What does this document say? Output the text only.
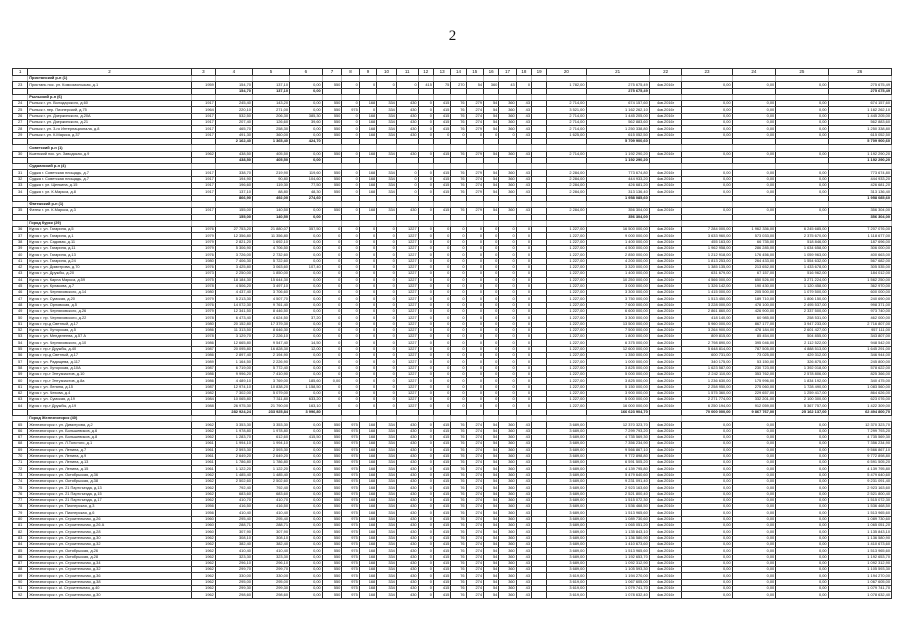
2
1	2	3	4	5	6	7	8	9	10	11	12	13	14	15	16	17	18	19	20	21	22	23	24	25	26
	Пристанский р-н (1)																								
23	Пристань пос. ул. Комсомольская, д.1	1959	154,70	137,10	0,00	550	0	0	0	0	415	75	270	54	360	43	0		1 782,00	275 675,49	4кв.2016г	0,00	0,00	0,00	275 675,49
			154,70	137,10	0,00															275 675,49					275 675,49
	Рыльский р-н (6)																								
24	Рыльск г. ул. Володарского, д.60	1917	245,40	143,20	0,00	550	0	168	334	430	0	415	76	279	54	360	43		2 714,00	674 157,60	4кв.2016г	0,00	0,00	0,00	674 157,60
25	Рыльск г. пер. Пионерский, д.75	1964	220,10	271,00	0,00	550	975	0	334	430	0	415	76	274	54	360	43		3 521,00	1 162 262,10	4кв.2016г	0,00	0,00	0,00	1 162 262,10
26	Рыльск г. ул. Дзержинского, д.20А	1917	532,50	206,30	385,30	550	0	168	334	430	0	415	76	274	54	360	43		2 714,00	1 445 205,00	4кв.2016г	0,00	0,00	0,00	1 445 205,00
27	Рыльск г. ул. Дзержинского, д.21	1917	207,40	126,60	39,60	550	0	168	334	430	0	415	76	274	54	360	43		2 714,00	562 883,60	4кв.2016г	0,00	0,00	0,00	562 883,60
28	Рыльск г. ул. 3-го Интернационала, д.8	1917	465,70	258,30	0,00	550	0	168	334	430	0	415	76	279	54	360	43		2 714,00	1 250 338,80	4кв.2016г	0,00	0,00	0,00	1 250 338,80
29	Рыльск г. ул. К.Маркса, д.37	1917	491,30	360,00	0,00	550	0	168	334	430	0	0	0	0	0	0	43		1 625,00	615 052,50	4кв.2016г	0,00	0,00	0,00	615 052,50
			2 162,40	1 365,40	424,70															5 709 900,60					5 709 900,60
	Советский р-н (1)																								
30	Кшенский пос. ул. Заводская, д.9	1962	438,50	405,50	0,00	550	0	168	334	430	0	415	76	279	54	360	43		2 714,00	1 192 290,20	4кв.2016г	0,00	0,00	0,00	1 192 290,20
			438,50	405,50	0,00															1 192 290,20					1 192 290,20
	Суджанский р-н (4)																								
31	Суджа г. Советская площадь, д.7	1917	338,70	219,90	119,60	550	0	168	334	0	0	415	76	279	54	360	43		2 284,00	773 674,80	4кв.2016г	0,00	0,00	0,00	773 674,80
32	Суджа г. Советская площадь, д.7	1917	194,90	90,80	104,60	550	0	168	334	0	0	415	76	274	54	360	43		2 284,00	444 933,20	4кв.2016г	0,00	0,00	0,00	444 933,20
33	Суджа г. ул. Щепкина, д.15	1917	196,60	119,30	77,50	550	0	168	334	0	0	415	76	274	54	360	43		2 284,00	426 681,20	4кв.2016г	0,00	0,00	0,00	426 681,20
34	Суджа г. ул. К.Маркса, д.8	1917	137,10	88,80	48,30	550	0	168	334	0	0	415	76	279	54	360	43		2 284,00	313 136,40	4кв.2016г	0,00	0,00	0,00	313 136,40
			866,90	492,00	274,60															1 958 085,60					1 958 085,60
	Фатежский р-н (1)																								
35	Фатеж г. ул. К.Маркса, д.3	1917	155,00	140,50	0,00	550	0	168	334	430	0	415	76	279	54	360	43		2 284,00	356 304,00	4кв.2016г	0,00	0,00	0,00	356 304,00
			155,00	140,50	0,00															356 304,00					356 304,00
	Город Курск (29)																								
36	Курск г. ул. Гагарина, д.5	1976	27 753,20	21 880,07	357,50	0	0	0	0	1227	0	0	0	0	0	0	0		1 227,00	16 500 000,00	4кв.2016г	7 284 000,00	1 962 336,00	6 245 685,00	7 207 076,00
37	Курск г. ул. Гагарина, д.1	1979	12 356,80	11 356,80	0,00	0	0	0	0	1227	0	0	0	0	0	0	0		1 227,00	9 000 000,00	4кв.2016г	3 633 960,00	573 033,00	2 375 670,00	1 118 677,00
38	Курск г. ул. Садовая, д.11	1979	2 821,20	1 692,10	0,00	0	0	0	0	1227	0	0	0	0	0	0	0		1 227,00	1 400 000,00	4кв.2016г	455 163,00	66 735,00	518 846,00	187 696,00
39	Курск г. ул. Гагарина, д.11	1979	5 306,90	4 706,50	0,00	0	0	0	0	1227	0	0	0	0	0	0	0		1 227,00	4 500 000,00	4кв.2016г	1 962 958,00	286 285,00	1 634 658,00	306 000,00
40	Курск г. ул. Гагарина, д.13	1976	3 726,00	2 732,60	0,00	0	0	0	0	1227	0	0	0	0	0	0	0		1 227,00	2 850 000,00	4кв.2016г	1 212 918,00	176 456,00	1 059 963,00	400 663,00
41	Курск г. ул. Гагарина, д.24	1980	7 406,30	5 722,60	0,00	0	0	0	0	1227	0	0	0	0	0	0	0		1 227,00	4 200 000,00	4кв.2016г	1 813 253,00	264 433,00	1 554 632,00	567 682,00
42	Курск г. ул. Димитрова, д.70	1976	3 425,80	3 063,60	107,40	0	0	0	0	1227	0	0	0	0	0	0	0		1 227,00	3 320 000,00	4кв.2016г	1 385 135,00	213 652,00	1 433 678,00	305 535,00
43	Курск г. ул. Дружбы, д.20	1973	2 250,00	1 850,00	0,00	0	0	0	0	1227	0	0	0	0	0	0	0		1 227,00	1 400 000,00	4кв.2016г	631 679,00	67 157,00	516 962,00	184 012,00
44	Курск г. ул. Карла Маркса, д.59	1975	18 184,30	15 644,30	0,00	0	0	0	0	1227	0	0	0	0	0	0	0		1 227,00	10 250 000,00	4кв.2016г	4 566 000,00	650 526,00	3 271 224,00	1 562 250,00
45	Курск г. ул. Кулакова, д.7	1978	4 506,20	3 497,10	0,00	0	0	0	0	1227	0	0	0	0	0	0	0		1 227,00	3 000 000,00	4кв.2016г	1 326 142,00	190 430,00	1 120 458,00	362 970,00
46	Курск г. ул. Черняховского, д.14	1980	4 437,40	3 706,60	0,00	0	0	0	0	1227	0	0	0	0	0	0	0		1 227,00	3 300 000,00	4кв.2016г	1 415 000,00	205 500,00	1 079 500,00	600 000,00
47	Курск г. ул. Сумская, д.20	1979	5 213,30	4 507,70	0,00	0	0	0	0	1227	0	0	0	0	0	0	0		1 227,00	3 750 000,00	4кв.2016г	1 513 450,00	189 710,00	1 806 150,00	240 690,00
48	Курск г. ул. Орловская, д.5	1976	14 072,30	9 761,40	0,00	0	0	0	0	1227	0	0	0	0	0	0	0		1 227,00	7 600 000,00	4кв.2016г	3 228 000,00	478 100,00	2 495 537,00	998 371,00
49	Курск г. ул. Черняховского, д.26	1979	12 341,50	8 446,50	0,00	0	0	0	0	1227	0	0	0	0	0	0	0		1 227,00	6 600 000,00	4кв.2016г	2 861 860,00	426 900,00	2 337 500,00	973 740,00
50	Курск г. пр. Черняховского, д.22	1978	6 473,40	4 624,50	37,20	0	0	0	0	1227	0	0	0	0	0	0	0		1 227,00	3 300 000,00	4кв.2016г	418 140,00	60 985,00	258 531,00	462 000,00
51	Курск г. пр-д Светлый, д.17	1980	20 152,80	17 379,30	0,00	0	0	0	0	1227	0	0	0	0	0	0	0		1 227,00	13 500 000,00	4кв.2016г	5 960 000,00	867 177,00	3 947 233,00	2 716 807,00
52	Курск г. ул. Хуторская, д.5	1986	11 313,50	8 646,30	0,00	0	0	0	0	1227	0	0	0	0	0	0	0		1 227,00	7 500 000,00	4кв.2016г	3 264 900,00	478 184,00	2 601 427,00	957 111,00
53	Курск г. ул. Менделеева, д.57 А	1978	3 129,70	2 226,10	0,00	0	0	0	0	1227	0	0	0	0	0	0	0		1 227,00	1 800 000,00	4кв.2016г	809 815,00	85 454,00	504 855,00	343 807,00
54	Курск г. ул. Черняховского, д.10	1986	12 665,80	9 547,40	14,50	0	0	0	0	1227	0	0	0	0	0	0	0		1 227,00	6 375 000,00	4кв.2016г	2 798 890,00	395 046,00	2 112 522,00	948 542,00
55	Курск г. пр-т Дружбы, д.40	1987	20 095,80	16 828,30	12,00	0	0	0	0	1227	0	0	0	0	0	0	0		1 227,00	12 600 000,00	4кв.2016г	5 648 814,00	787 505,00	4 888 513,00	1 645 291,00
56	Курск г. пр-д Светлый, д.17	1986	2 897,40	2 194,90	0,00	0	0	0	0	1227	0	0	0	0	0	0	0		1 227,00	1 350 000,00	4кв.2016г	600 731,00	73 025,00	429 312,00	346 944,00
57	Курск г. ул. Радищева, д.117	1989	1 164,50	2 226,90	0,00	0	0	0	0	1227	0	0	0	0	0	0	0		1 227,00	1 000 000,00	4кв.2016г	340 175,00	53 150,00	326 875,00	245 800,00
58	Курск г. ул. Хуторская, д.10А	1987	6 719,00	5 772,40	0,00	0	0	0	0	1227	0	0	0	0	0	0	0		1 227,00	3 825 000,00	4кв.2016г	1 623 587,00	230 723,00	1 392 018,00	578 622,00
59	Курск г. пр-т Энтузиастов, д.10	1986	9 996,20	7 410,90	0,00	0	0	0	0	1227	0	0	0	0	0	0	0		1 227,00	5 000 000,00	4кв.2016г	2 242 110,00	353 762,00	2 578 806,00	825 366,00
60	Курск г. пр-т Энтузиастов, д.8а	1986	4 489,10	3 769,00	185,60	0,00	0	0	0	1227	0	0	0	0	0	0	0		1 227,00	3 825 000,00	4кв.2016г	1 236 630,00	175 996,00	1 834 192,00	340 475,00
61	Курск г. ул. Ленина, д.15	1987	12 974,10	10 838,20	1 158,50	0	0	0	0	1227	0	0	0	0	0	0	0		1 227,00	5 150 000,00	4кв.2016г	2 258 950,00	275 060,00	1 728 490,00	1 083 560,00
62	Курск г. ул. Чехова, д.4	1982	7 302,00	5 079,00	0,00	0	0	0	0	1227	0	0	0	0	0	0	0		1 227,00	3 900 000,00	4кв.2016г	1 575 360,00	229 657,00	1 259 417,00	864 626,00
63	Курск г. ул. Сумская, д.19	1984	10 065,80	7 311,80	633,20	0	0	0	0	1227	0	0	0	0	0	0	0		1 227,00	5 000 000,00	4кв.2016г	2 271 774,00	332 201,00	2 100 300,00	623 076,00
64	Курск г. пр-т Дружбы, д.19	1988	26 975,30	21 790,00	163,10	0	0	0	0	1227	0	0	0	0	0	0	0		1 227,00	16 000 000,00	4кв.2016г	6 250 194,00	912 059,00	5 367 757,00	1 422 309,00
			282 924,24	233 925,84	3 996,80															166 623 904,70		70 000 000,00	9 867 767,00	25 162 137,00	62 494 800,70
	Город Железногорск (40)																								
65	Железногорск г. ул. Димитрова, д.2	1962	3 353,30	3 353,30	0,00	550	975	168	334	430	0	415	76	274	54	360	43		3 689,00	12 370 323,70	4кв.2016г	0,00	0,00	0,00	12 370 323,70
66	Железногорск г. ул. Большевиков, д.6	1962	1 978,80	1 978,80	0,00	550	975	168	334	430	0	415	76	274	54	360	43		3 689,00	7 299 793,20	4кв.2016г	0,00	0,00	0,00	7 299 793,20
67	Железногорск г. ул. Большевиков, д.8	1962	1 283,70	612,60	415,50	550	975	168	334	430	0	415	76	274	54	360	43		3 689,00	4 735 569,30	4кв.2016г	0,00	0,00	0,00	4 735 569,30
68	Железногорск г. ул. Л.Толстого, д.1	1961	1 994,10	1 994,10	0,00	550	975	168	334	430	0	415	76	274	54	360	43		3 689,00	7 356 234,90	4кв.2016г	0,00	0,00	0,00	7 356 234,90
69	Железногорск г. ул. Ленина, д.7	1961	2 593,30	2 593,30	0,00	550	975	168	334	430	0	415	76	274	54	360	43		3 689,00	9 566 867,10	4кв.2016г	0,00	0,00	0,00	9 566 867,10
70	Железногорск г. ул. Ленина, д.9	1961	2 649,20	2 649,20	0,00	550	975	168	334	430	0	415	76	274	54	360	43		3 689,00	9 772 898,80	4кв.2016г	0,00	0,00	0,00	9 772 898,80
71	Железногорск г. ул. Ленина, д.13	1961	1 786,80	1 786,80	0,00	550	975	168	334	430	0	415	76	274	54	360	43		3 689,00	6 591 505,20	4кв.2016г	0,00	0,00	0,00	6 591 505,20
72	Железногорск г. ул. Ленина, д.15	1961	1 122,20	1 122,20	0,00	550	975	168	334	430	0	415	76	274	54	360	43		3 689,00	4 139 795,80	4кв.2016г	0,00	0,00	0,00	4 139 795,80
73	Железногорск г. ул. Октябрьская, д.36	1962	1 485,40	1 485,40	0,00	550	975	168	334	430	0	415	76	274	54	360	43		3 689,00	5 479 640,60	4кв.2016г	0,00	0,00	0,00	5 479 640,60
74	Железногорск г. ул. Октябрьская, д.38	1962	2 502,60	2 502,60	0,00	550	975	168	334	430	0	415	76	274	54	360	43		3 689,00	9 231 091,40	4кв.2016г	0,00	0,00	0,00	9 231 091,40
75	Железногорск г. ул. 21 Партсъезда, д.13	1962	792,40	792,40	0,00	550	975	168	334	430	0	415	76	274	54	360	43		3 689,00	2 923 163,60	4кв.2016г	0,00	0,00	0,00	2 923 163,60
76	Железногорск г. ул. 21 Партсъезда, д.15	1962	683,60	683,60	0,00	550	975	168	334	430	0	415	76	274	54	360	43		3 689,00	2 521 800,40	4кв.2016г	0,00	0,00	0,00	2 521 800,40
77	Железногорск г. ул. 21 Партсъезда, д.17	1962	410,70	410,70	0,00	550	975	168	334	430	0	415	76	274	54	360	43		3 689,00	1 515 072,30	4кв.2016г	0,00	0,00	0,00	1 515 072,30
78	Железногорск г. ул. Пионерская, д.3	1956	416,50	416,50	0,00	550	975	168	334	430	0	415	76	274	54	360	43		3 689,00	1 536 468,50	4кв.2016г	0,00	0,00	0,00	1 536 468,50
79	Железногорск г. ул. Пионерская, д.6	1956	410,40	410,40	0,00	550	975	168	334	430	0	415	76	274	54	360	43		3 689,00	1 513 965,60	4кв.2016г	0,00	0,00	0,00	1 513 965,60
80	Железногорск г. ул. Строительная, д.26	1960	295,40	295,40	0,00	550	975	168	334	430	0	415	76	274	54	360	43		3 689,00	1 089 730,60	4кв.2016г	0,00	0,00	0,00	1 089 730,60
81	Железногорск г. ул. Строительная, д.26 А	1960	288,71	288,71	0,00	550	975	168	334	430	0	415	76	274	54	360	43		3 689,00	1 065 051,20	4кв.2016г	0,00	0,00	0,00	1 065 051,20
82	Железногорск г. ул. Строительная, д.28	1960	307,90	307,90	0,00	550	975	168	334	430	0	415	76	274	54	360	43		3 689,00	1 135 843,10	4кв.2016г	0,00	0,00	0,00	1 135 843,10
83	Железногорск г. ул. Строительная, д.30	1962	308,10	308,10	0,00	550	975	168	334	430	0	415	76	274	54	360	43		3 689,00	1 136 580,90	4кв.2016г	0,00	0,00	0,00	1 136 580,90
84	Железногорск г. ул. Строительная, д.32	1962	382,40	382,40	0,00	550	975	168	334	430	0	415	76	274	54	360	43		3 689,00	1 410 673,60	4кв.2016г	0,00	0,00	0,00	1 410 673,60
85	Железногорск г. ул. Октябрьская, д.26	1962	410,40	410,40	0,00	550	975	168	334	430	0	415	76	274	54	360	43		3 689,00	1 513 965,60	4кв.2016г	0,00	0,00	0,00	1 513 965,60
86	Железногорск г. ул. Октябрьская, д.28	1962	323,30	323,30	0,00	550	975	168	334	430	0	415	76	274	54	360	43		3 689,00	1 192 653,70	4кв.2016г	0,00	0,00	0,00	1 192 653,70
87	Железногорск г. ул. Строительная, д.34	1962	296,10	296,10	0,00	550	975	168	334	430	0	415	76	274	54	360	43		3 689,00	1 092 312,90	4кв.2016г	0,00	0,00	0,00	1 092 312,90
88	Железногорск г. ул. Строительная, д.32	1962	299,70	299,70	0,00	550	975	168	334	430	0	415	76	274	54	360	43		3 689,00	1 105 593,30	4кв.2016г	0,00	0,00	0,00	1 105 593,30
89	Железногорск г. ул. Строительная, д.36	1962	330,00	330,00	0,00	550	975	168	334	430	0	415	76	274	54	360	43		3 619,00	1 194 270,00	4кв.2016г	0,00	0,00	0,00	1 194 270,00
90	Железногорск г. ул. Строительная, д.38	1962	295,00	295,00	0,00	550	975	168	334	430	0	415	76	274	54	360	43		3 619,00	1 067 605,00	4кв.2016г	0,00	0,00	0,00	1 067 605,00
91	Железногорск г. ul. Строительная, д.40	1962	299,30	299,30	0,00	550	975	168	334	430	0	415	76	274	54	360	43		3 619,00	1 079 741,70	4кв.2016г	0,00	0,00	0,00	1 079 741,70
92	Железногорск г. ул. Строительная, д.30	1962	298,60	298,60	0,00	550	975	168	334	430	0	415	76	274	54	360	43		3 619,00	1 078 632,40	4кв.2016г	0,00	0,00	0,00	1 078 632,40
